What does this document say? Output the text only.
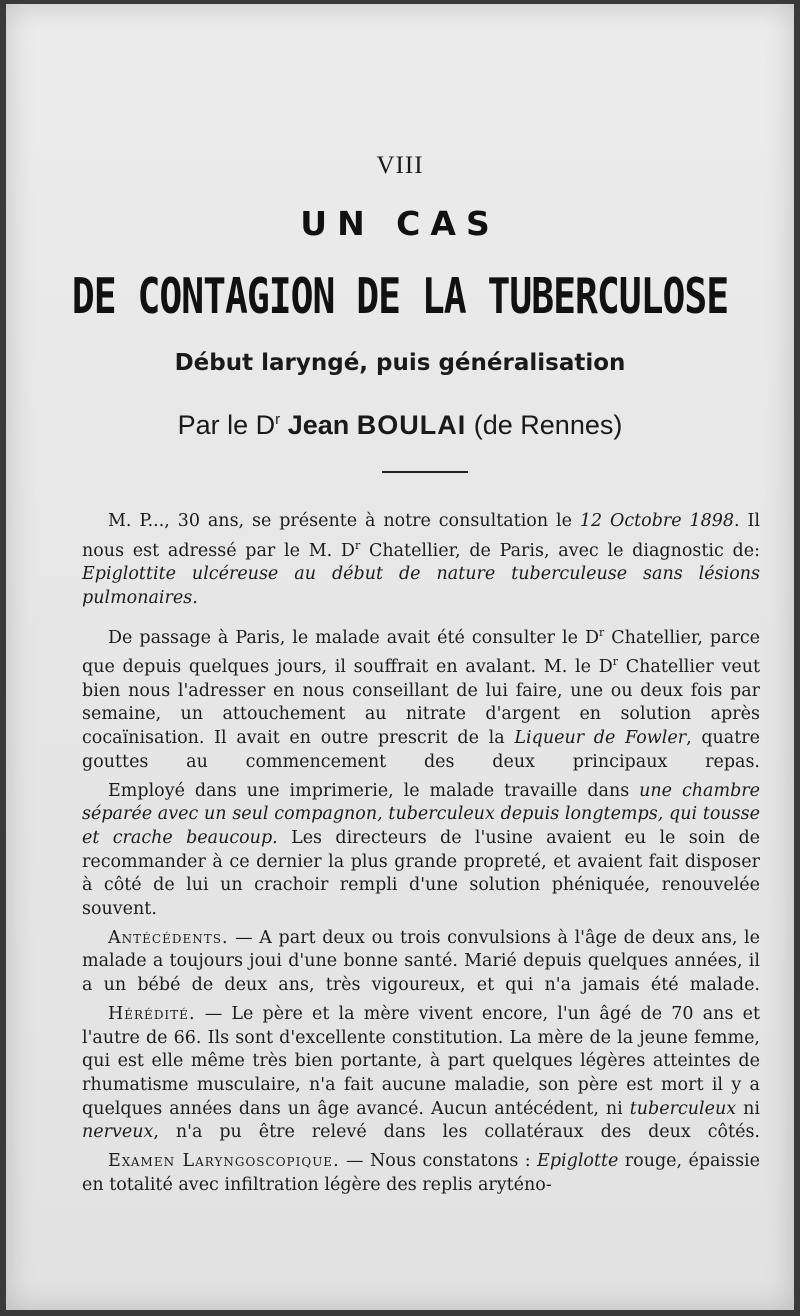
VIII
UN CAS
DE CONTAGION DE LA TUBERCULOSE
Début laryngé, puis généralisation
Par le $D^r$ Jean BOULAI (de Rennes)

M. P..., 30 ans, se présente à notre consultation le 12 Octobre 1898. Il nous est adressé par le M. $D^r$ Chatellier, de Paris, avec le diagnostic de: Epiglottite ulcéreuse au début de nature tuberculeuse sans lésions pulmonaires.

De passage à Paris, le malade avait été consulter le $D^r$ Chatellier, parce que depuis quelques jours, il souffrait en avalant. M. le $D^r$ Chatellier veut bien nous l'adresser en nous conseillant de lui faire, une ou deux fois par semaine, un attouchement au nitrate d'argent en solution après cocaïnisation. Il avait en outre prescrit de la Liqueur de Fowler, quatre gouttes au commencement des deux principaux repas.

Employé dans une imprimerie, le malade travaille dans une chambre séparée avec un seul compagnon, tuberculeux depuis longtemps, qui tousse et crache beaucoup. Les directeurs de l'usine avaient eu le soin de recommander à ce dernier la plus grande propreté, et avaient fait disposer à côté de lui un crachoir rempli d'une solution phéniquée, renouvelée souvent.

Antécédents. — A part deux ou trois convulsions à l'âge de deux ans, le malade a toujours joui d'une bonne santé. Marié depuis quelques années, il a un bébé de deux ans, très vigoureux, et qui n'a jamais été malade.

Hérédité. — Le père et la mère vivent encore, l'un âgé de 70 ans et l'autre de 66. Ils sont d'excellente constitution. La mère de la jeune femme, qui est elle même très bien portante, à part quelques légères atteintes de rhumatisme musculaire, n'a fait aucune maladie, son père est mort il y a quelques années dans un âge avancé. Aucun antécédent, ni tuberculeux ni nerveux, n'a pu être relevé dans les collatéraux des deux côtés.

Examen Laryngoscopique. — Nous constatons : Epiglotte rouge, épaissie en totalité avec infiltration légère des replis aryténo-
